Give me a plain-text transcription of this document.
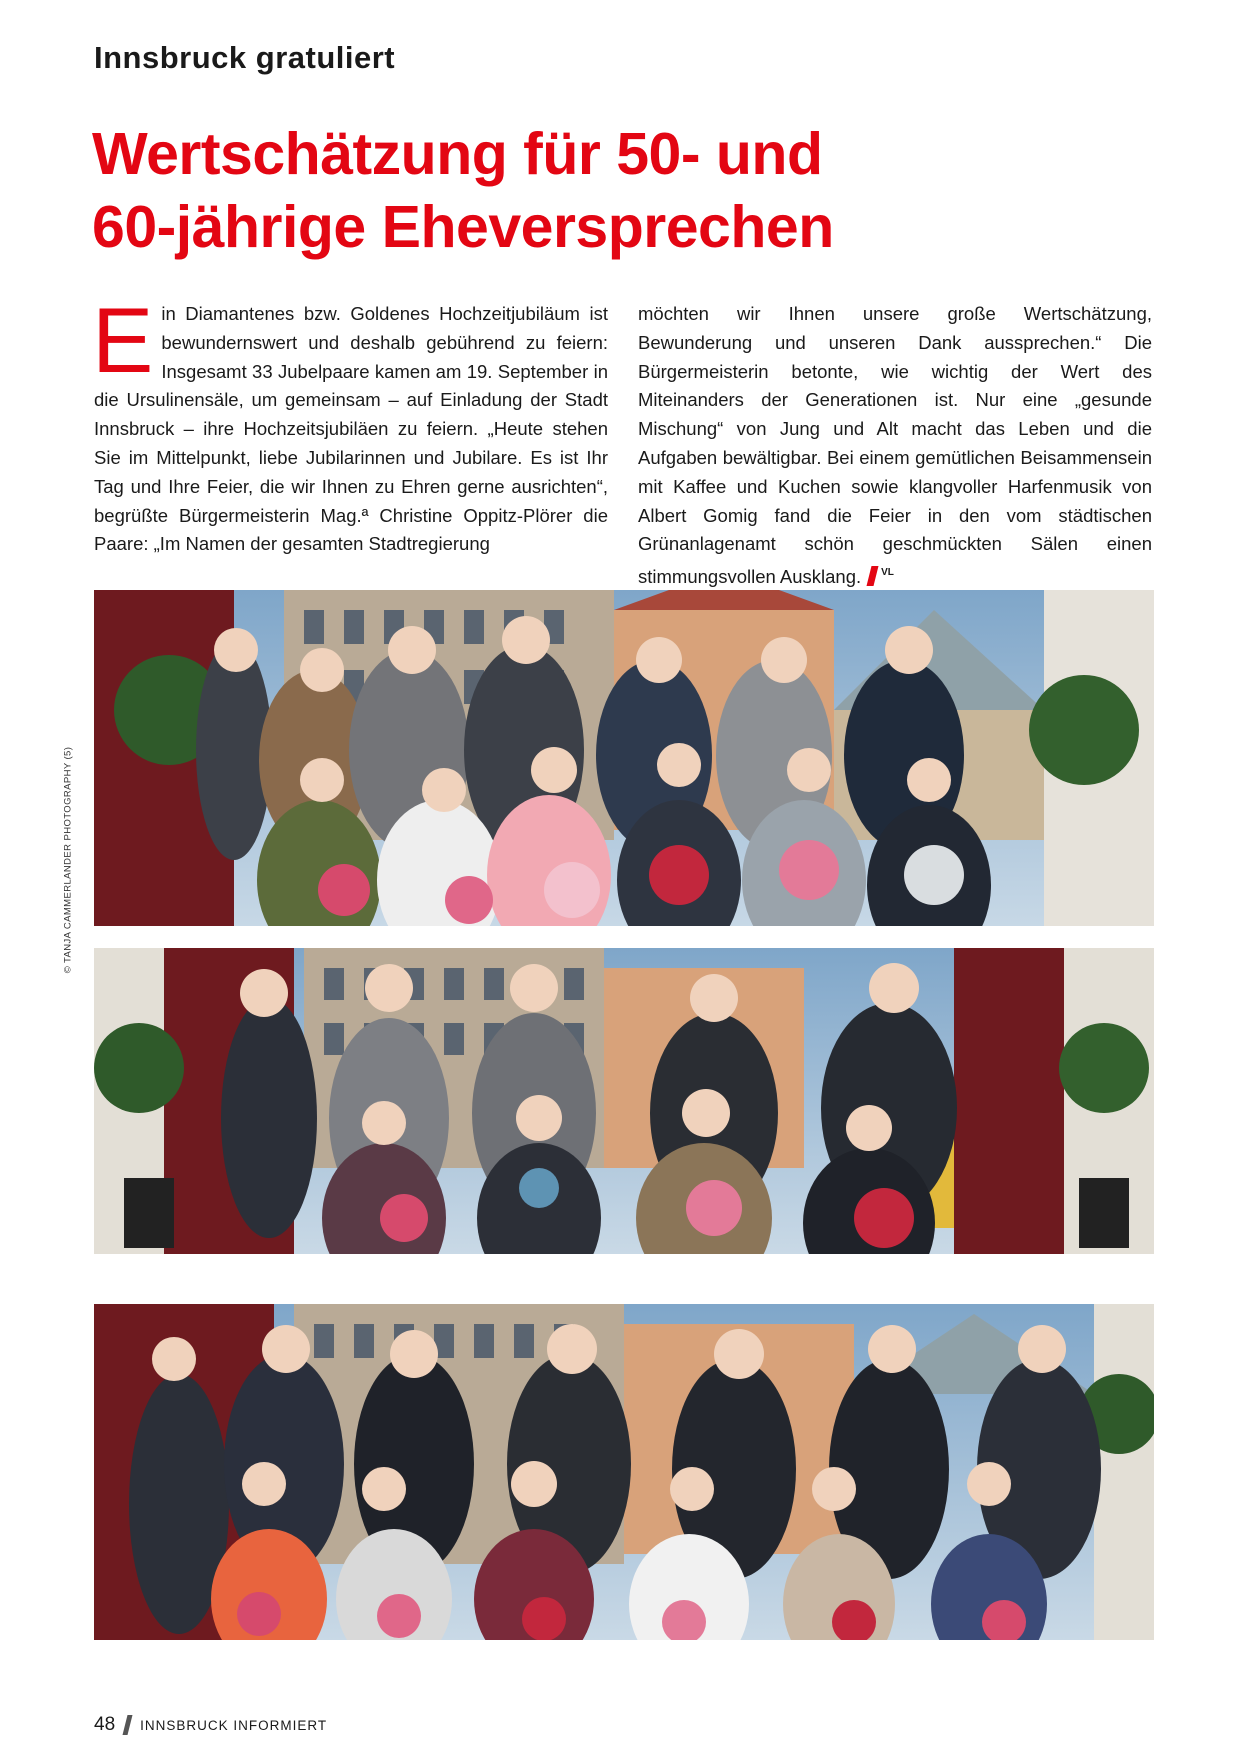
Innsbruck gratuliert
Wertschätzung für 50- und
60-jährige Eheversprechen
Ein Diamantenes bzw. Goldenes Hochzeitjubiläum ist bewundernswert und deshalb gebührend zu feiern: Insgesamt 33 Jubelpaare kamen am 19. September in die Ursulinensäle, um gemeinsam – auf Einladung der Stadt Innsbruck – ihre Hochzeitsjubiläen zu feiern. „Heute stehen Sie im Mittelpunkt, liebe Jubilarinnen und Jubilare. Es ist Ihr Tag und Ihre Feier, die wir Ihnen zu Ehren gerne ausrichten“, begrüßte Bürgermeisterin Mag.ª Christine Oppitz-Plörer die Paare: „Im Namen der gesamten Stadtregierung
möchten wir Ihnen unsere große Wertschätzung, Bewunderung und unseren Dank aussprechen.“ Die Bürgermeisterin betonte, wie wichtig der Wert des Miteinanders der Generationen ist. Nur eine „gesunde Mischung“ von Jung und Alt macht das Leben und die Aufgaben bewältigbar. Bei einem gemütlichen Beisammensein mit Kaffee und Kuchen sowie klangvoller Harfenmusik von Albert Gomig fand die Feier in den vom städtischen Grünanlagenamt schön geschmückten Sälen einen stimmungsvollen Ausklang. $^{VL}$
© TANJA CAMMERLANDER PHOTOGRAPHY (5)
48 INNSBRUCK INFORMIERT
